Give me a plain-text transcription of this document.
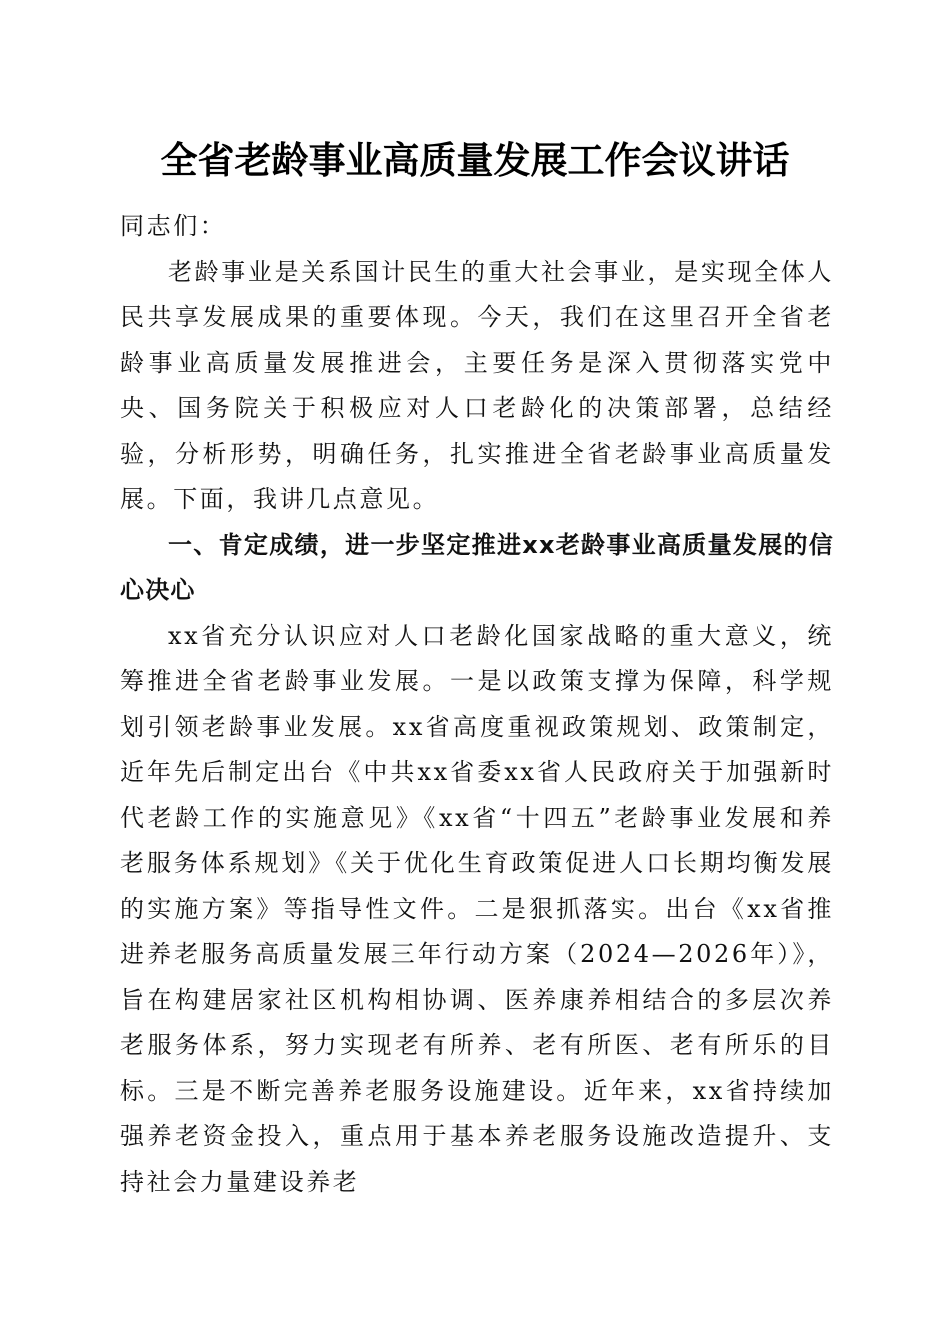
全省老龄事业高质量发展工作会议讲话

同志们：

老龄事业是关系国计民生的重大社会事业，是实现全体人民共享发展成果的重要体现。今天，我们在这里召开全省老龄事业高质量发展推进会，主要任务是深入贯彻落实党中央、国务院关于积极应对人口老龄化的决策部署，总结经验，分析形势，明确任务，扎实推进全省老龄事业高质量发展。下面，我讲几点意见。

一、肯定成绩，进一步坚定推进xx老龄事业高质量发展的信心决心

xx省充分认识应对人口老龄化国家战略的重大意义，统筹推进全省老龄事业发展。一是以政策支撑为保障，科学规划引领老龄事业发展。xx省高度重视政策规划、政策制定，近年先后制定出台《中共xx省委xx省人民政府关于加强新时代老龄工作的实施意见》《xx省“十四五”老龄事业发展和养老服务体系规划》《关于优化生育政策促进人口长期均衡发展的实施方案》等指导性文件。二是狠抓落实。出台《xx省推进养老服务高质量发展三年行动方案（2024—2026年）》，旨在构建居家社区机构相协调、医养康养相结合的多层次养老服务体系，努力实现老有所养、老有所医、老有所乐的目标。三是不断完善养老服务设施建设。近年来，xx省持续加强养老资金投入，重点用于基本养老服务设施改造提升、支持社会力量建设养老
